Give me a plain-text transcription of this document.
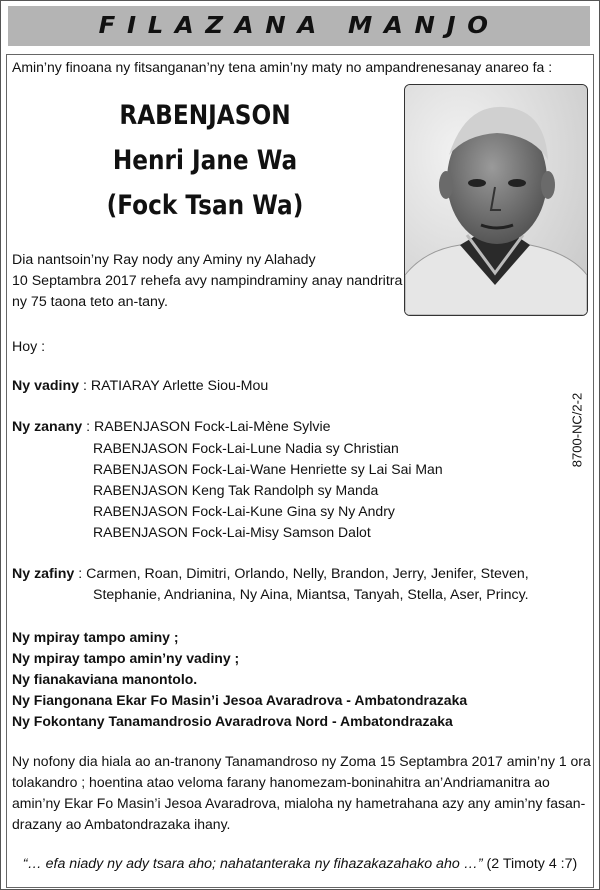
FILAZANA MANJO
Amin’ny finoana ny fitsanganan’ny tena amin’ny maty no ampandrenesanay anareo fa :
RABENJASON
Henri Jane Wa
(Fock Tsan Wa)
Dia nantsoin’ny Ray nody any Aminy ny Alahady
10 Septambra 2017 rehefa avy nampindraminy anay nandritra
ny 75 taona teto an-tany.
Hoy :
Ny vadiny : RATIARAY Arlette Siou-Mou
Ny zanany : RABENJASON Fock-Lai-Mène Sylvie
RABENJASON Fock-Lai-Lune Nadia sy Christian
RABENJASON Fock-Lai-Wane Henriette sy Lai Sai Man
RABENJASON Keng Tak Randolph sy Manda
RABENJASON Fock-Lai-Kune Gina sy Ny Andry
RABENJASON Fock-Lai-Misy Samson Dalot
Ny zafiny : Carmen, Roan, Dimitri, Orlando, Nelly, Brandon, Jerry, Jenifer, Steven,
Stephanie, Andrianina, Ny Aina, Miantsa, Tanyah, Stella, Aser, Princy.
Ny mpiray tampo aminy ;
Ny mpiray tampo amin’ny vadiny ;
Ny fianakaviana manontolo.
Ny Fiangonana Ekar Fo Masin’i Jesoa Avaradrova - Ambatondrazaka
Ny Fokontany Tanamandrosio Avaradrova Nord - Ambatondrazaka
Ny nofony dia hiala ao an-tranony Tanamandroso ny Zoma 15 Septambra 2017 amin’ny 1 ora
tolakandro ; hoentina atao veloma farany hanomezam-boninahitra an’Andriamanitra ao
amin’ny Ekar Fo Masin’i Jesoa Avaradrova, mialoha ny hametrahana azy any amin’ny fasan-
drazany ao Ambatondrazaka ihany.
“… efa niady ny ady tsara aho; nahatanteraka ny fihazakazahako aho …” (2 Timoty 4 :7)
8700-NC/2-2
